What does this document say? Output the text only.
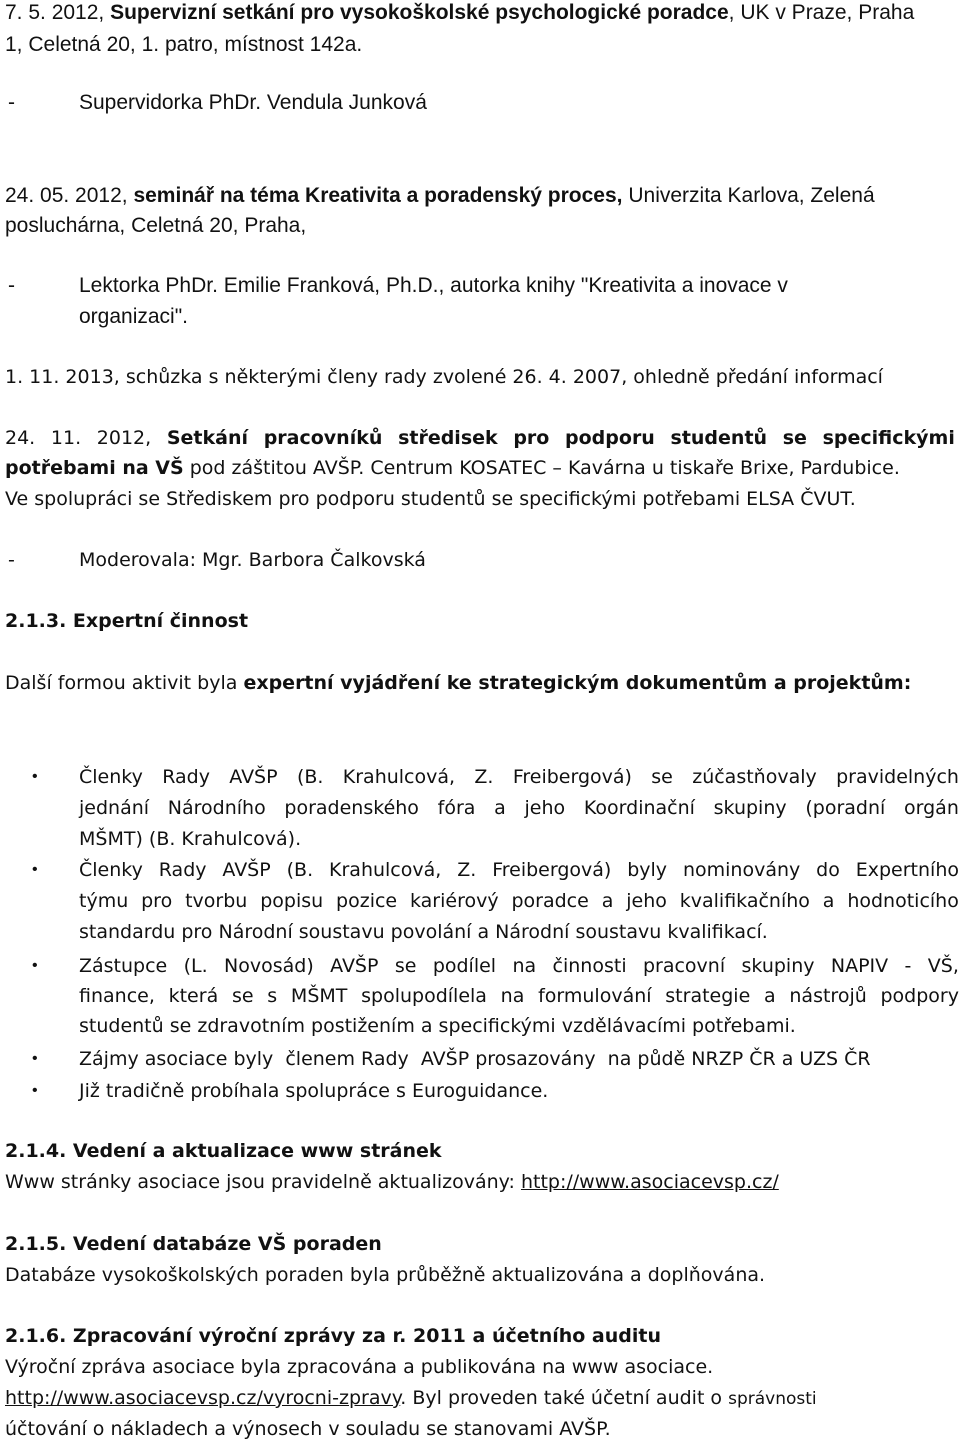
7. 5. 2012, Supervizní setkání pro vysokoškolské psychologické poradce, UK v Praze, Praha
1, Celetná 20, 1. patro, místnost 142a.
-	Supervidorka PhDr. Vendula Junková
24. 05. 2012, seminář na téma Kreativita a poradenský proces, Univerzita Karlova, Zelená
posluchárna, Celetná 20, Praha,
-	Lektorka PhDr. Emilie Franková, Ph.D., autorka knihy "Kreativita a inovace v
organizaci".
1. 11. 2013, schůzka s některými členy rady zvolené 26. 4. 2007, ohledně předání informací
24. 11. 2012, Setkání pracovníků středisek pro podporu studentů se specifickými
potřebami na VŠ pod záštitou AVŠP. Centrum KOSATEC – Kavárna u tiskaře Brixe, Pardubice.
Ve spolupráci se Střediskem pro podporu studentů se specifickými potřebami ELSA ČVUT.
-	Moderovala: Mgr. Barbora Čalkovská
2.1.3. Expertní činnost
Další formou aktivit byla expertní vyjádření ke strategickým dokumentům a projektům:
• Členky Rady AVŠP (B. Krahulcová, Z. Freibergová) se zúčastňovaly pravidelných
jednání Národního poradenského fóra a jeho Koordinační skupiny (poradní orgán
MŠMT) (B. Krahulcová).
• Členky Rady AVŠP (B. Krahulcová, Z. Freibergová) byly nominovány do Expertního
týmu pro tvorbu popisu pozice kariérový poradce a jeho kvalifikačního a hodnoticího
standardu pro Národní soustavu povolání a Národní soustavu kvalifikací.
• Zástupce (L. Novosád) AVŠP se podílel na činnosti pracovní skupiny NAPIV - VŠ,
finance, která se s MŠMT spolupodílela na formulování strategie a nástrojů podpory
studentů se zdravotním postižením a specifickými vzdělávacími potřebami.
• Zájmy asociace byly  členem Rady  AVŠP prosazovány  na půdě NRZP ČR a UZS ČR
• Již tradičně probíhala spolupráce s Euroguidance.
2.1.4. Vedení a aktualizace www stránek
Www stránky asociace jsou pravidelně aktualizovány: http://www.asociacevsp.cz/
2.1.5. Vedení databáze VŠ poraden
Databáze vysokoškolských poraden byla průběžně aktualizována a doplňována.
2.1.6. Zpracování výroční zprávy za r. 2011 a účetního auditu
Výroční zpráva asociace byla zpracována a publikována na www asociace.
http://www.asociacevsp.cz/vyrocni-zpravy. Byl proveden také účetní audit o správnosti
účtování o nákladech a výnosech v souladu se stanovami AVŠP.
